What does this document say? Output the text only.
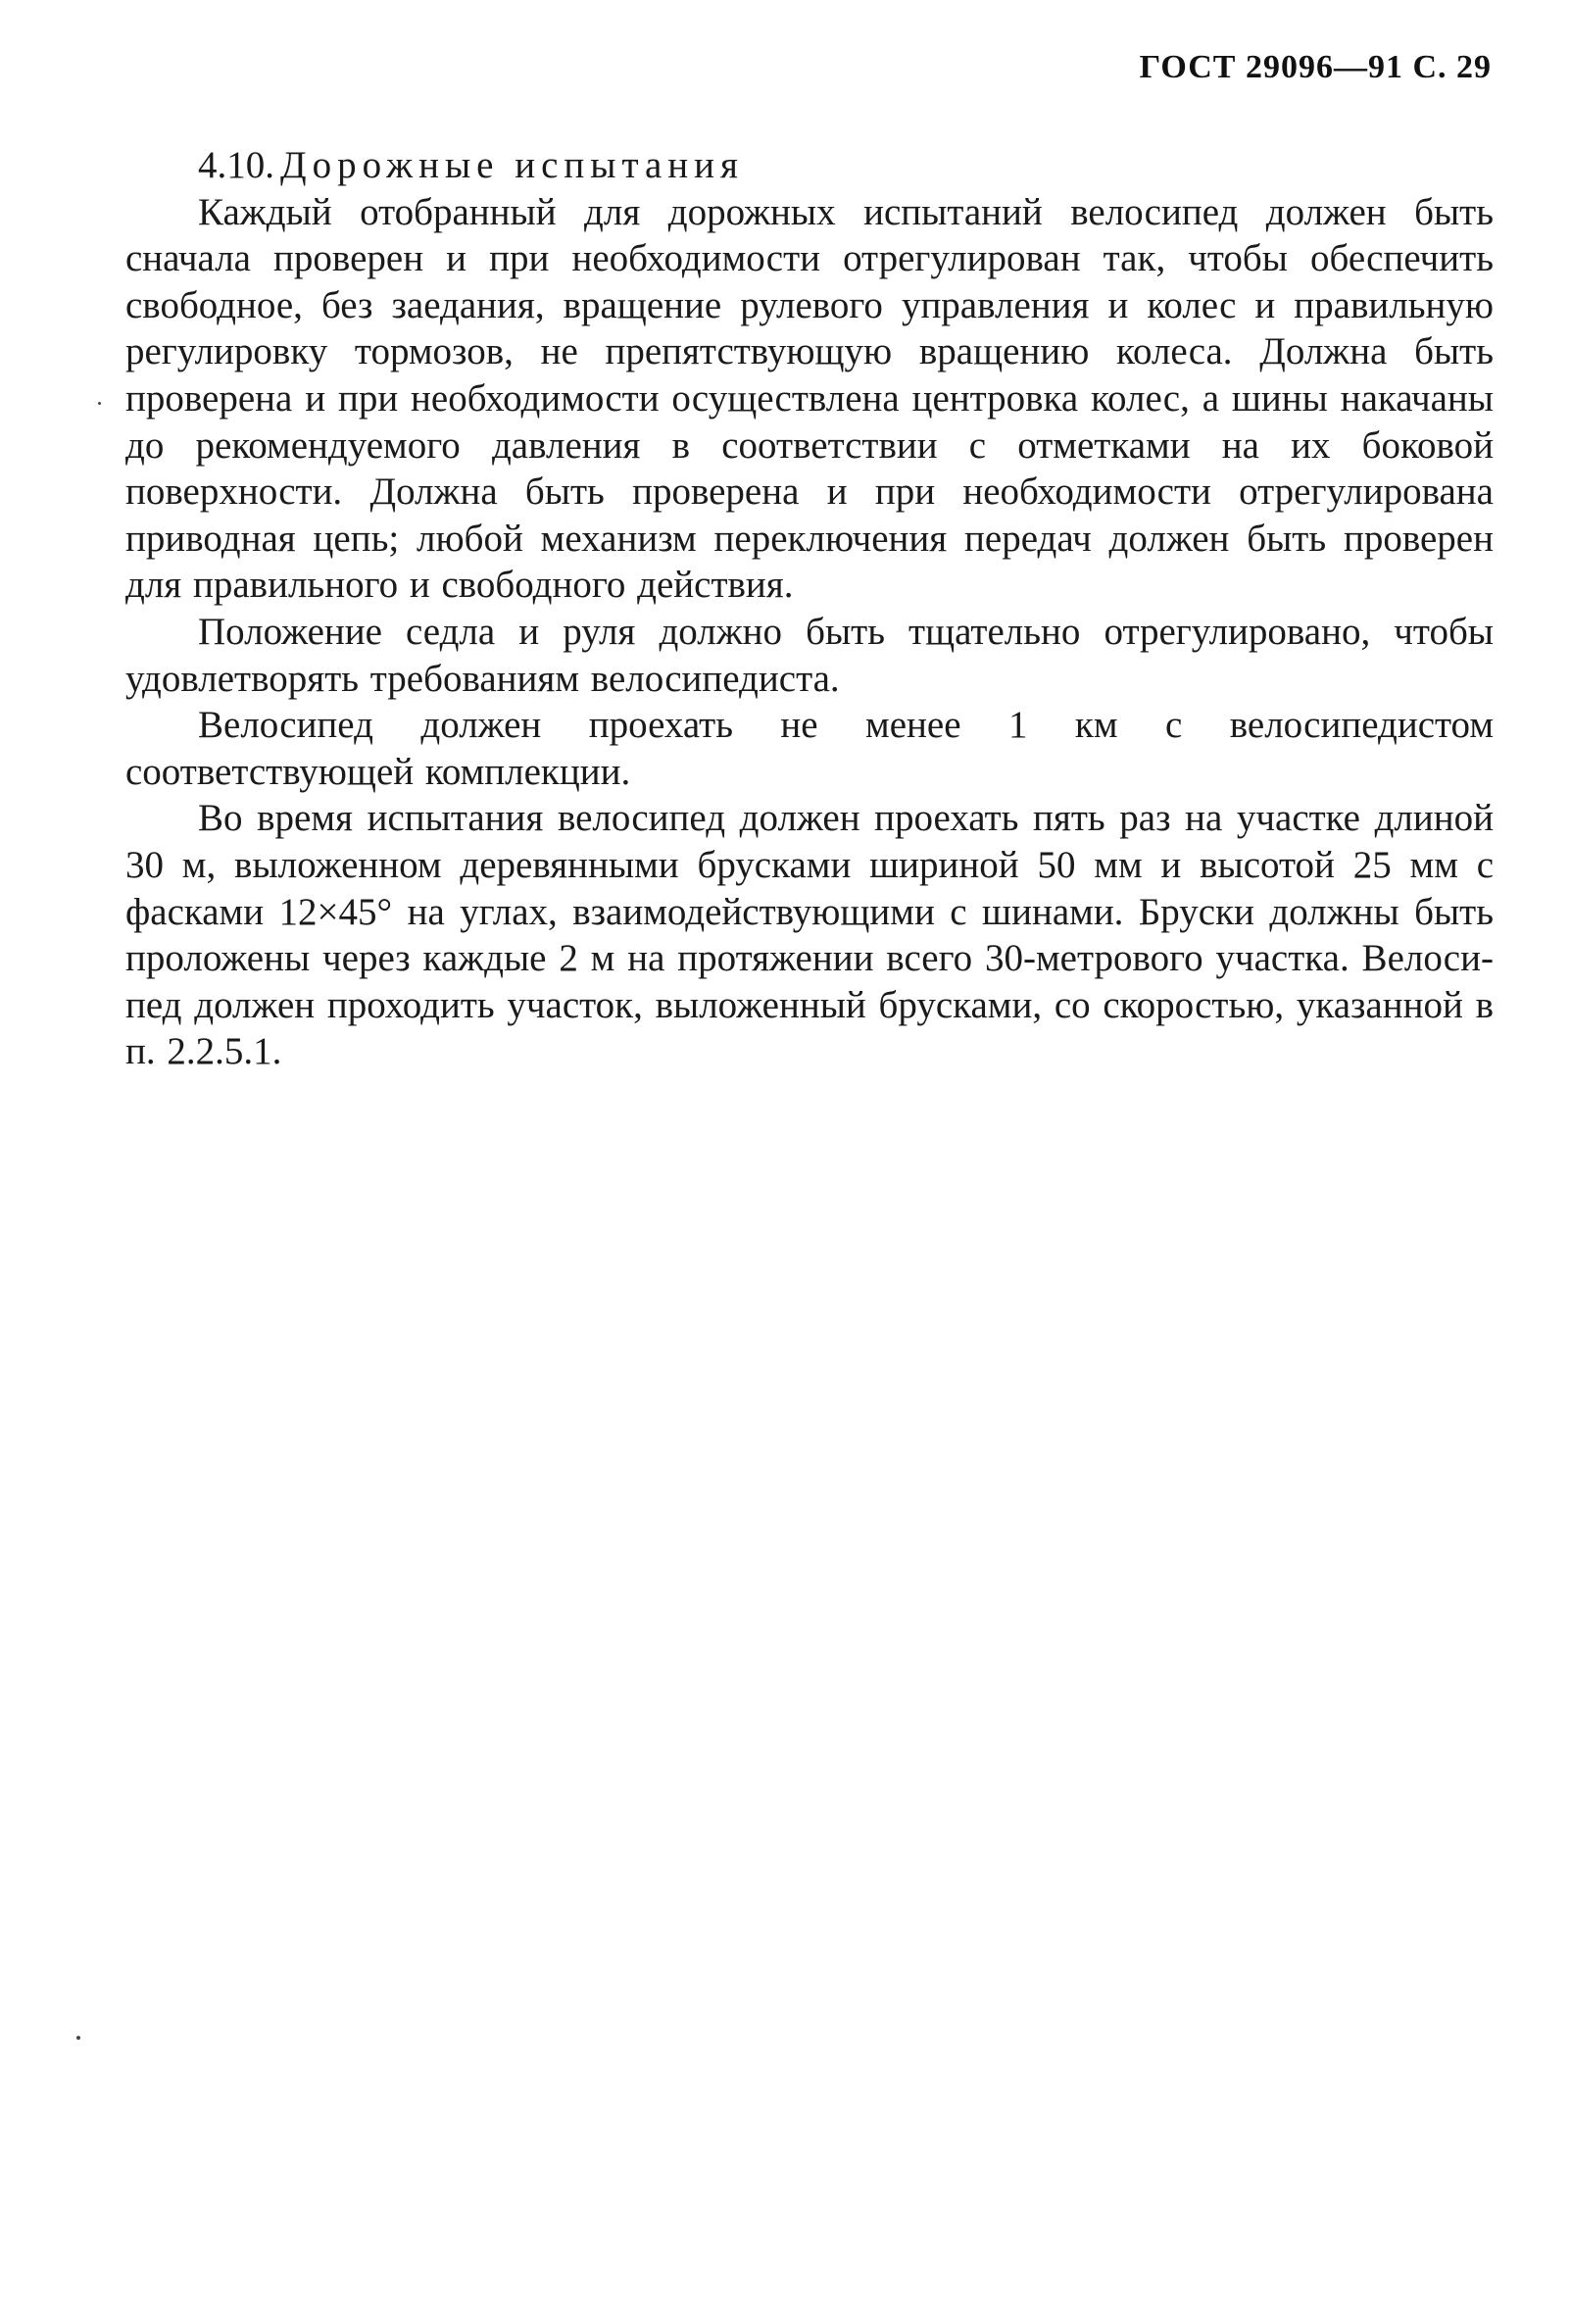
ГОСТ 29096—91 С. 29
4.10. Дорожные испытания

Каждый отобранный для дорожных испытаний велосипед должен быть сначала проверен и при необходимости отрегулирован так, чтобы обеспечить свободное, без заедания, вращение рулевого управления и колес и правильную регулировку тормозов, не препятствующую вращению колеса. Должна быть проверена и при необходимости осуществлена центровка колес, а шины накачаны до рекомендуемого давления в соответствии с отметками на их боковой поверхности. Должна быть проверена и при необходимости отрегулирована приводная цепь; любой механизм переключения передач должен быть проверен для правильного и свободного действия.

Положение седла и руля должно быть тщательно отрегулировано, чтобы удовлетворять требованиям велосипедиста.

Велосипед должен проехать не менее 1 км с велосипедистом соответствующей комплекции.

Во время испытания велосипед должен проехать пять раз на участке длиной 30 м, выложенном деревянными брусками шириной 50 мм и высотой 25 мм с фасками 12×45° на углах, взаимодействующими с шинами. Бруски должны быть проложены через каждые 2 м на протяжении всего 30-метрового участка. Велосипед должен проходить участок, выложенный брусками, со скоростью, указанной в п. 2.2.5.1.
